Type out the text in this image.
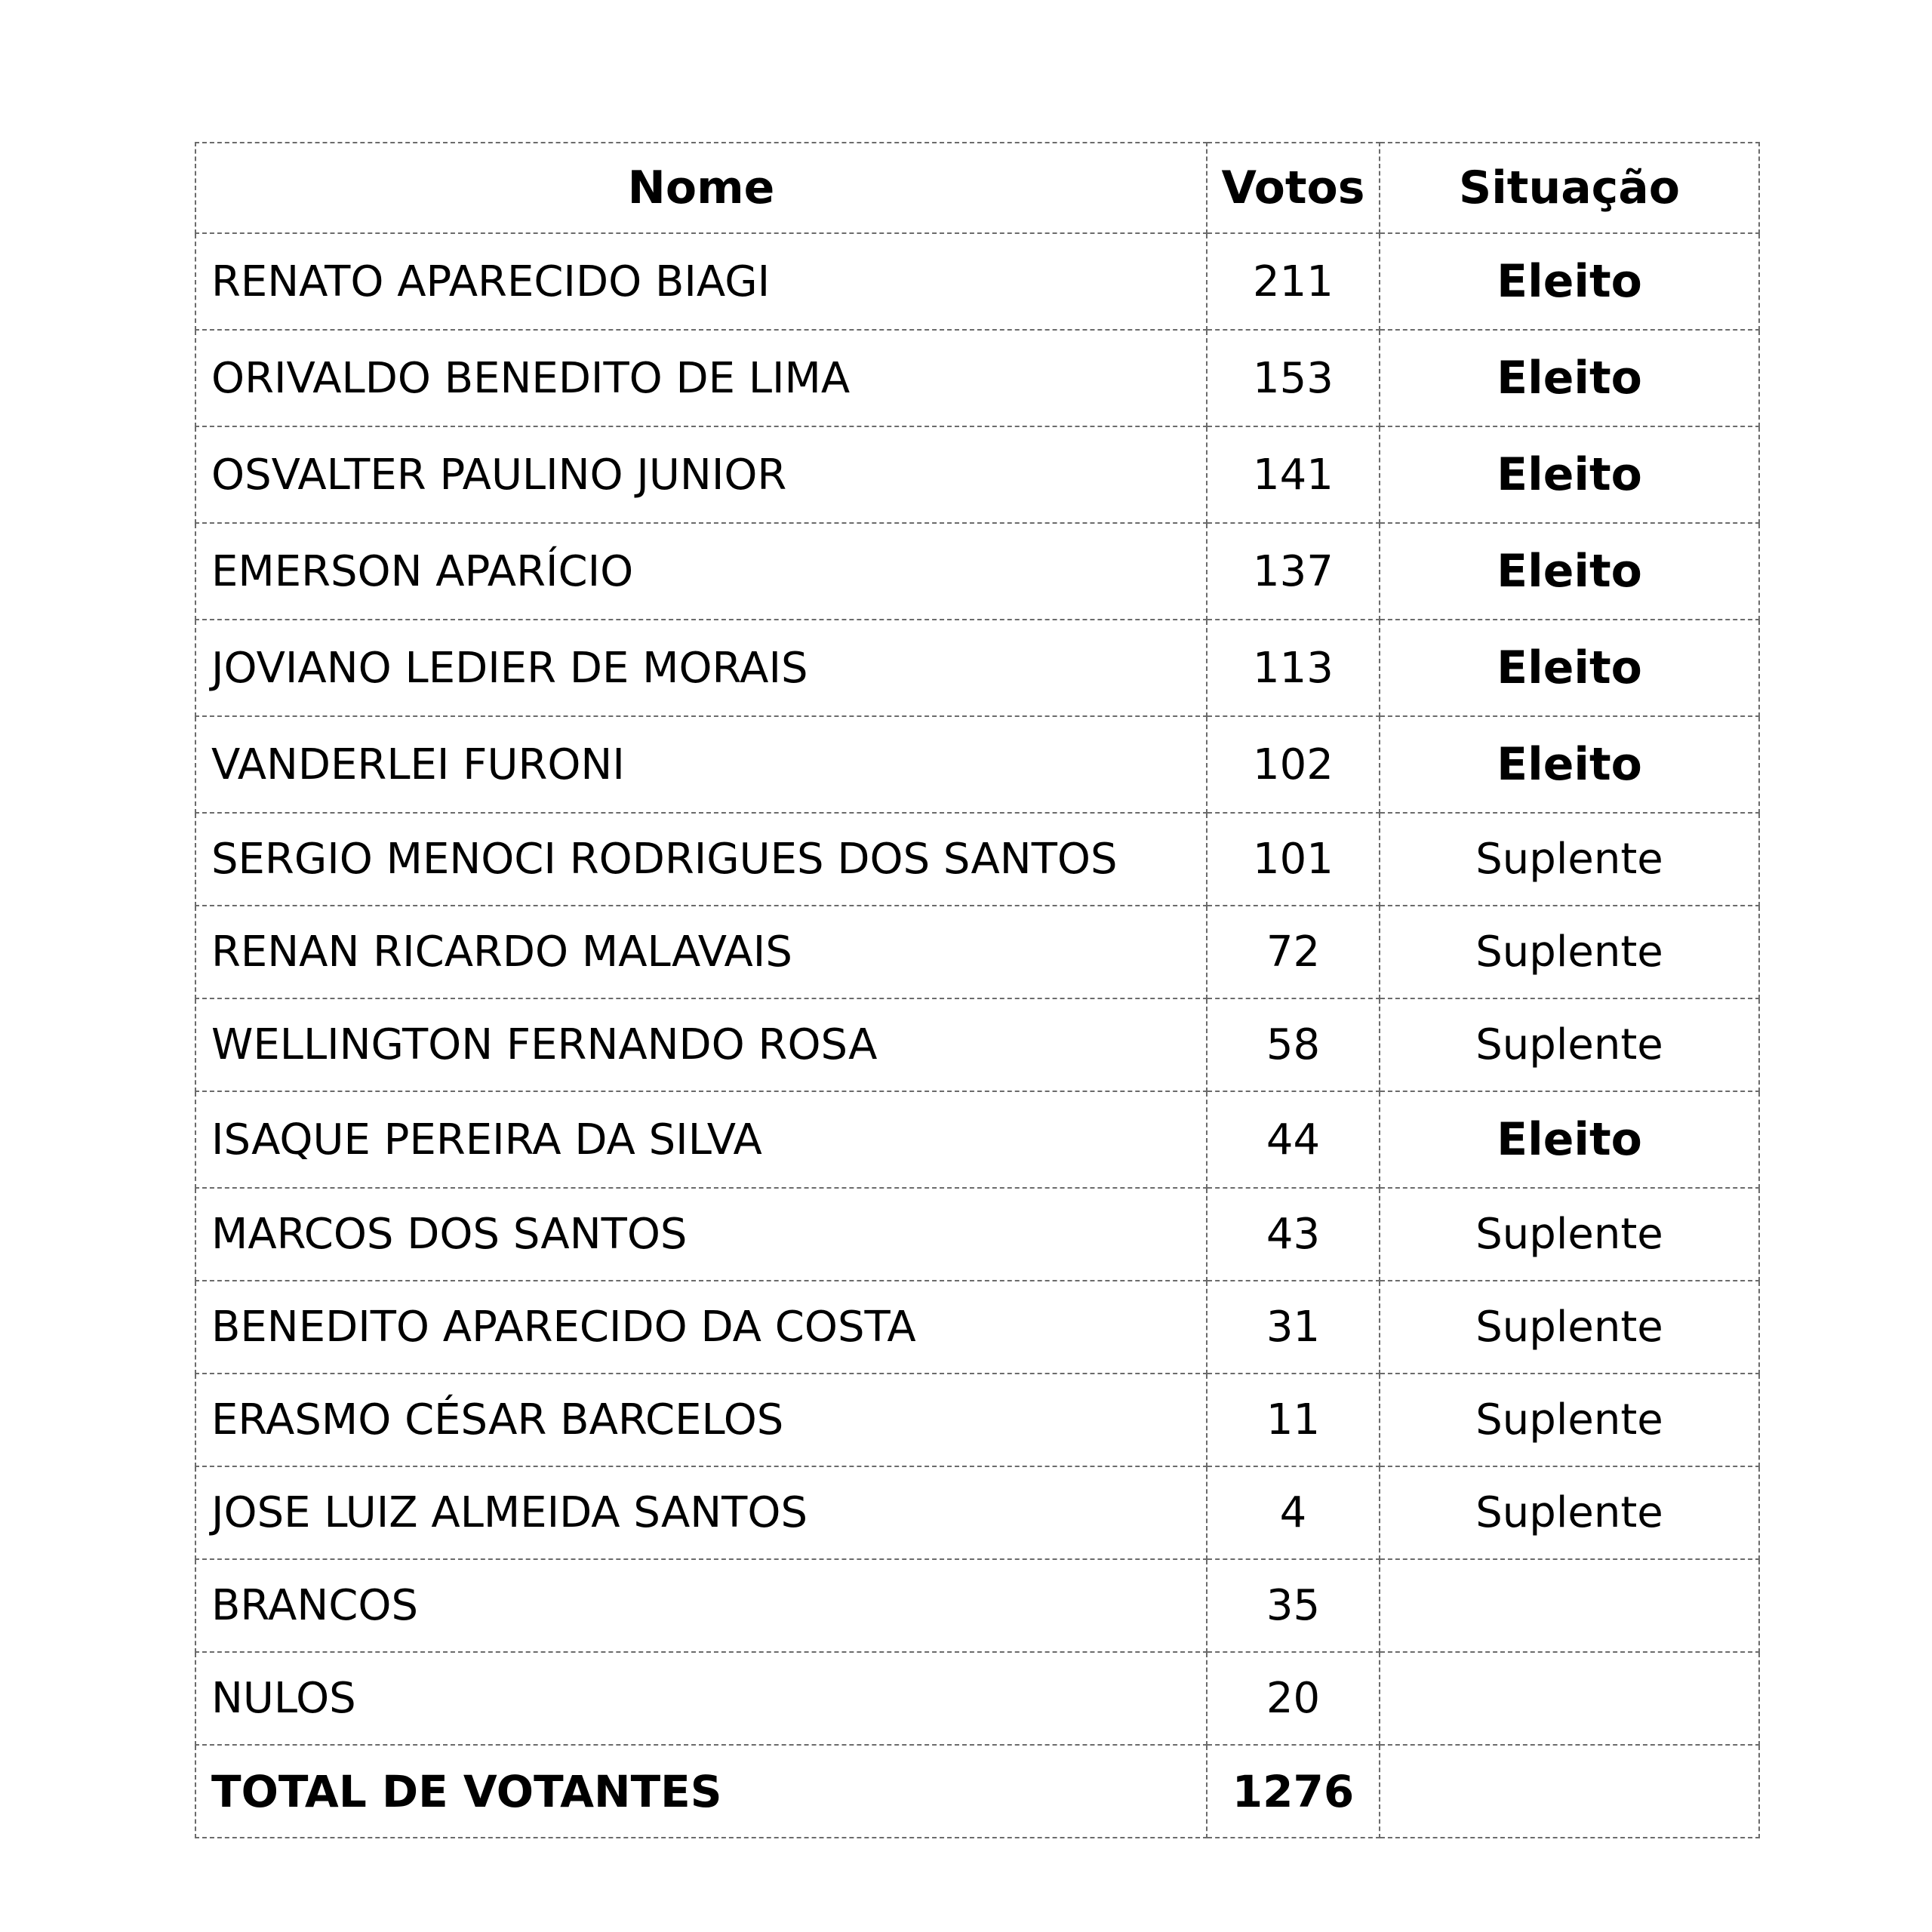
Nome	Votos	Situação
RENATO APARECIDO BIAGI	211	Eleito
ORIVALDO BENEDITO DE LIMA	153	Eleito
OSVALTER PAULINO JUNIOR	141	Eleito
EMERSON APARÍCIO	137	Eleito
JOVIANO LEDIER DE MORAIS	113	Eleito
VANDERLEI FURONI	102	Eleito
SERGIO MENOCI RODRIGUES DOS SANTOS	101	Suplente
RENAN RICARDO MALAVAIS	72	Suplente
WELLINGTON FERNANDO ROSA	58	Suplente
ISAQUE PEREIRA DA SILVA	44	Eleito
MARCOS DOS SANTOS	43	Suplente
BENEDITO APARECIDO DA COSTA	31	Suplente
ERASMO CÉSAR BARCELOS	11	Suplente
JOSE LUIZ ALMEIDA SANTOS	4	Suplente
BRANCOS	35	
NULOS	20	
TOTAL DE VOTANTES	1276	
